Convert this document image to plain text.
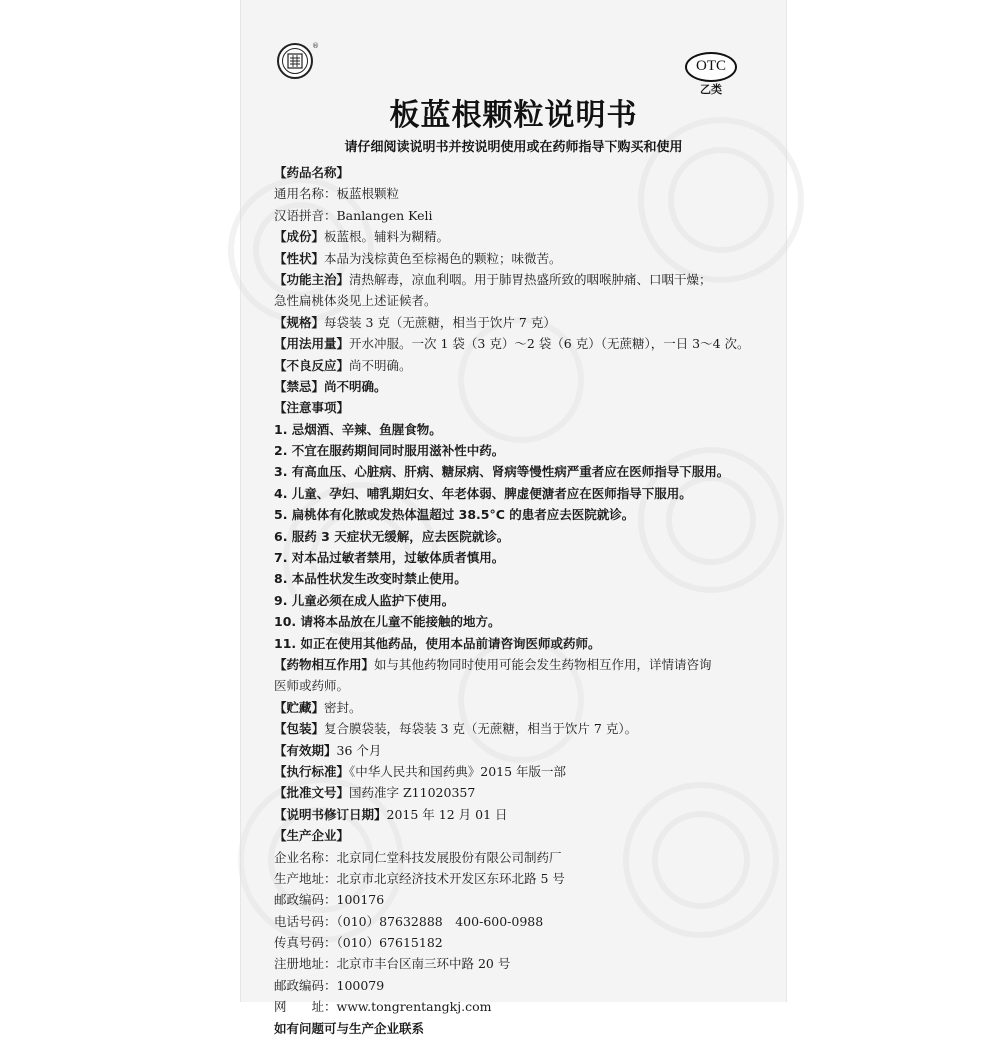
®
OTC
乙类
板蓝根颗粒说明书
请仔细阅读说明书并按说明使用或在药师指导下购买和使用
【药品名称】
通用名称：板蓝根颗粒
汉语拼音：Banlangen Keli
【成份】板蓝根。辅料为糊精。
【性状】本品为浅棕黄色至棕褐色的颗粒；味微苦。
【功能主治】清热解毒，凉血利咽。用于肺胃热盛所致的咽喉肿痛、口咽干燥；
急性扁桃体炎见上述证候者。
【规格】每袋装 3 克（无蔗糖，相当于饮片 7 克）
【用法用量】开水冲服。一次 1 袋（3 克）～2 袋（6 克）（无蔗糖），一日 3～4 次。
【不良反应】尚不明确。
【禁忌】尚不明确。
【注意事项】
1. 忌烟酒、辛辣、鱼腥食物。
2. 不宜在服药期间同时服用滋补性中药。
3. 有高血压、心脏病、肝病、糖尿病、肾病等慢性病严重者应在医师指导下服用。
4. 儿童、孕妇、哺乳期妇女、年老体弱、脾虚便溏者应在医师指导下服用。
5. 扁桃体有化脓或发热体温超过 38.5°C 的患者应去医院就诊。
6. 服药 3 天症状无缓解，应去医院就诊。
7. 对本品过敏者禁用，过敏体质者慎用。
8. 本品性状发生改变时禁止使用。
9. 儿童必须在成人监护下使用。
10. 请将本品放在儿童不能接触的地方。
11. 如正在使用其他药品，使用本品前请咨询医师或药师。
【药物相互作用】如与其他药物同时使用可能会发生药物相互作用，详情请咨询
医师或药师。
【贮藏】密封。
【包装】复合膜袋装，每袋装 3 克（无蔗糖，相当于饮片 7 克）。
【有效期】36 个月
【执行标准】《中华人民共和国药典》2015 年版一部
【批准文号】国药准字 Z11020357
【说明书修订日期】2015 年 12 月 01 日
【生产企业】
企业名称：北京同仁堂科技发展股份有限公司制药厂
生产地址：北京市北京经济技术开发区东环北路 5 号
邮政编码：100176
电话号码：（010）87632888　400-600-0988
传真号码：（010）67615182
注册地址：北京市丰台区南三环中路 20 号
邮政编码：100079
网　　址：www.tongrentangkj.com
如有问题可与生产企业联系
